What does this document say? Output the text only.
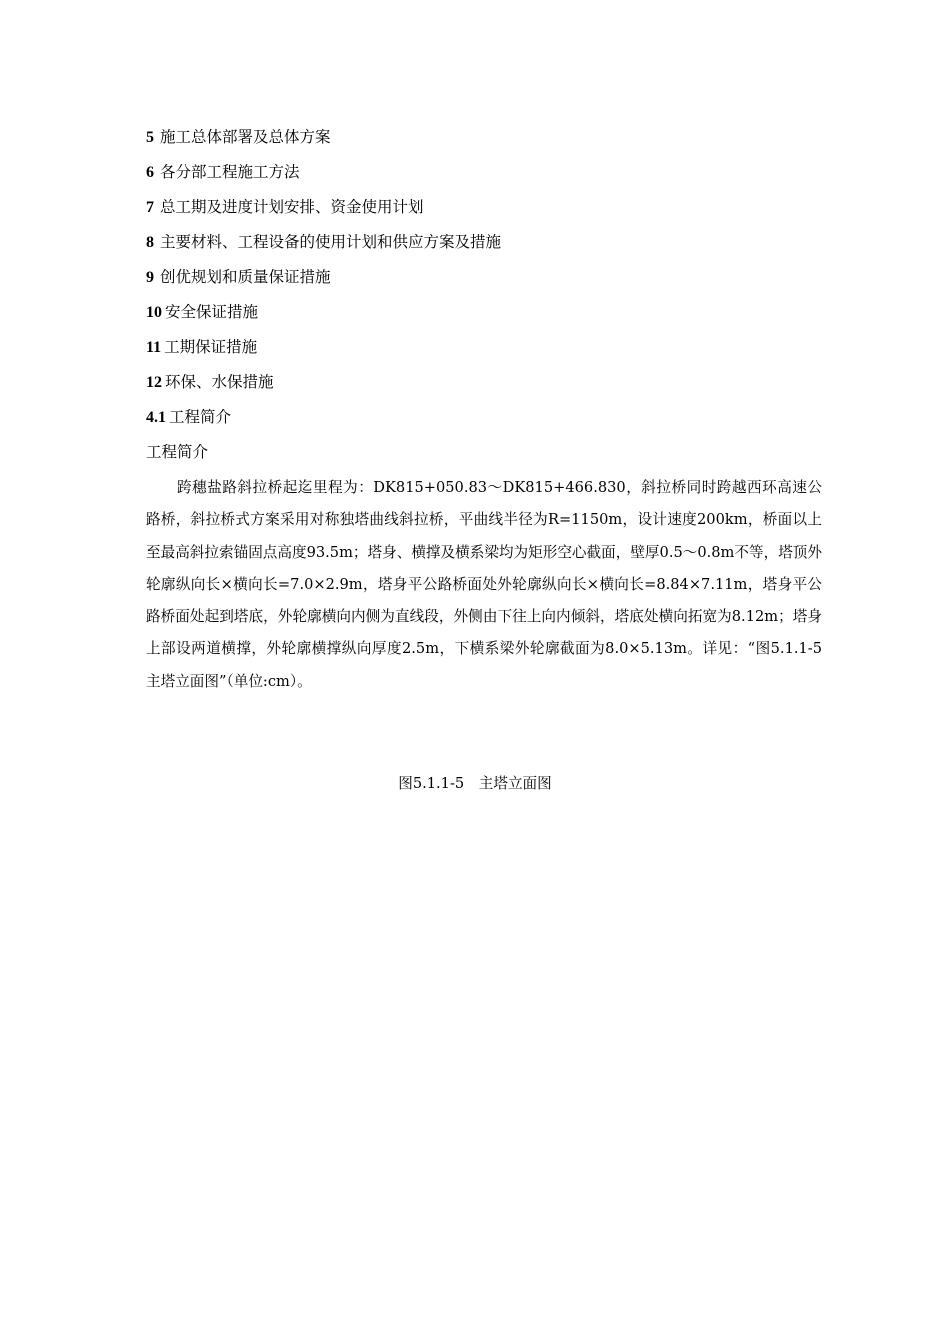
5 施工总体部署及总体方案
6 各分部工程施工方法
7 总工期及进度计划安排、资金使用计划
8 主要材料、工程设备的使用计划和供应方案及措施
9 创优规划和质量保证措施
10 安全保证措施
11 工期保证措施
12 环保、水保措施
4.1 工程简介
工程简介
跨穗盐路斜拉桥起迄里程为：DK815+050.83～DK815+466.830，斜拉桥同时跨越西环高速公路桥，斜拉桥式方案采用对称独塔曲线斜拉桥，平曲线半径为R=1150m，设计速度200km，桥面以上至最高斜拉索锚固点高度93.5m；塔身、横撑及横系梁均为矩形空心截面，壁厚0.5～0.8m不等，塔顶外轮廓纵向长×横向长=7.0×2.9m，塔身平公路桥面处外轮廓纵向长×横向长=8.84×7.11m，塔身平公路桥面处起到塔底，外轮廓横向内侧为直线段，外侧由下往上向内倾斜，塔底处横向拓宽为8.12m；塔身上部设两道横撑，外轮廓横撑纵向厚度2.5m，下横系梁外轮廓截面为8.0×5.13m。详见：“图5.1.1-5　主塔立面图”（单位:cm）。
图5.1.1-5　主塔立面图
